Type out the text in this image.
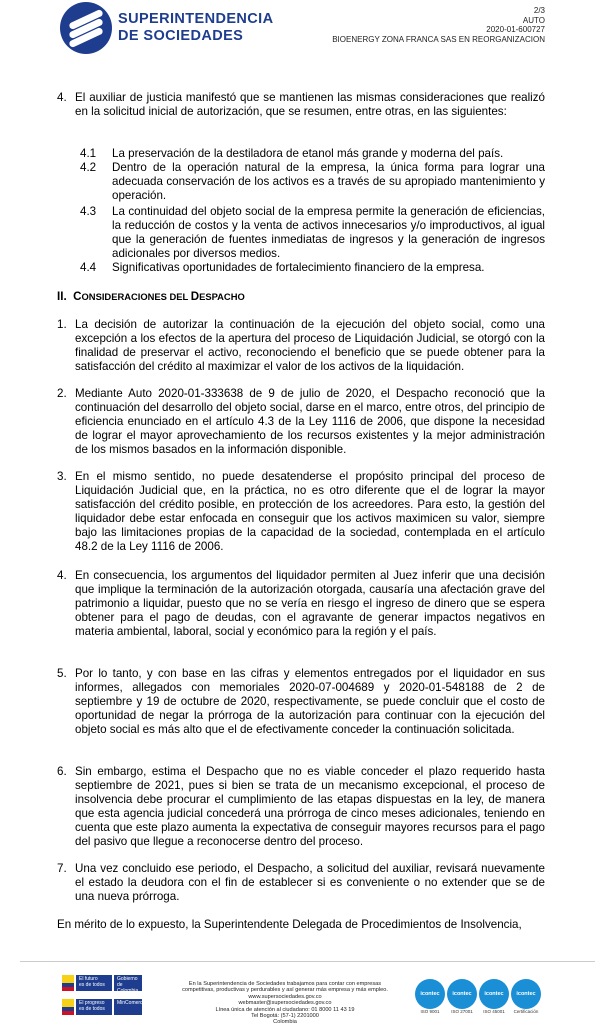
SUPERINTENDENCIA
DE SOCIEDADES
2/3
AUTO
2020-01-600727
BIOENERGY ZONA FRANCA SAS EN REORGANIZACION
4. El auxiliar de justicia manifestó que se mantienen las mismas consideraciones que realizó en la solicitud inicial de autorización, que se resumen, entre otras, en las siguientes:
4.1 La preservación de la destiladora de etanol más grande y moderna del país.
4.2 Dentro de la operación natural de la empresa, la única forma para lograr una adecuada conservación de los activos es a través de su apropiado mantenimiento y operación.
4.3 La continuidad del objeto social de la empresa permite la generación de eficiencias, la reducción de costos y la venta de activos innecesarios y/o improductivos, al igual que la generación de fuentes inmediatas de ingresos y la generación de ingresos adicionales por diversos medios.
4.4 Significativas oportunidades de fortalecimiento financiero de la empresa.
II. CONSIDERACIONES DEL DESPACHO
1. La decisión de autorizar la continuación de la ejecución del objeto social, como una excepción a los efectos de la apertura del proceso de Liquidación Judicial, se otorgó con la finalidad de preservar el activo, reconociendo el beneficio que se puede obtener para la satisfacción del crédito al maximizar el valor de los activos de la liquidación.
2. Mediante Auto 2020-01-333638 de 9 de julio de 2020, el Despacho reconoció que la continuación del desarrollo del objeto social, darse en el marco, entre otros, del principio de eficiencia enunciado en el artículo 4.3 de la Ley 1116 de 2006, que dispone la necesidad de lograr el mayor aprovechamiento de los recursos existentes y la mejor administración de los mismos basados en la información disponible.
3. En el mismo sentido, no puede desatenderse el propósito principal del proceso de Liquidación Judicial que, en la práctica, no es otro diferente que el de lograr la mayor satisfacción del crédito posible, en protección de los acreedores. Para esto, la gestión del liquidador debe estar enfocada en conseguir que los activos maximicen su valor, siempre bajo las limitaciones propias de la capacidad de la sociedad, contemplada en el artículo 48.2 de la Ley 1116 de 2006.
4. En consecuencia, los argumentos del liquidador permiten al Juez inferir que una decisión que implique la terminación de la autorización otorgada, causaría una afectación grave del patrimonio a liquidar, puesto que no se vería en riesgo el ingreso de dinero que se espera obtener para el pago de deudas, con el agravante de generar impactos negativos en materia ambiental, laboral, social y económico para la región y el país.
5. Por lo tanto, y con base en las cifras y elementos entregados por el liquidador en sus informes, allegados con memoriales 2020-07-004689 y 2020-01-548188 de 2 de septiembre y 19 de octubre de 2020, respectivamente, se puede concluir que el costo de oportunidad de negar la prórroga de la autorización para continuar con la ejecución del objeto social es más alto que el de efectivamente conceder la continuación solicitada.
6. Sin embargo, estima el Despacho que no es viable conceder el plazo requerido hasta septiembre de 2021, pues si bien se trata de un mecanismo excepcional, el proceso de insolvencia debe procurar el cumplimiento de las etapas dispuestas en la ley, de manera que esta agencia judicial concederá una prórroga de cinco meses adicionales, teniendo en cuenta que este plazo aumenta la expectativa de conseguir mayores recursos para el pago del pasivo que llegue a reconocerse dentro del proceso.
7. Una vez concluido ese periodo, el Despacho, a solicitud del auxiliar, revisará nuevamente el estado la deudora con el fin de establecer si es conveniente o no extender que se de una nueva prórroga.
En mérito de lo expuesto, la Superintendente Delegada de Procedimientos de Insolvencia,
El futuro
es de todos
Gobierno de Colombia
El progreso
es de todos
MinComercio
En la Superintendencia de Sociedades trabajamos para contar con empresas
competitivas, productivas y perdurables y así generar más empresa y más empleo.
www.supersociedades.gov.co
webmaster@supersociedades.gov.co
Línea única de atención al ciudadano: 01 8000 11 43 19
Tel Bogotá: (57-1) 2201000
Colombia
icontec
ISO 9001
icontec
ISO 27001
icontec
ISO 45001
icontec
Certificación
